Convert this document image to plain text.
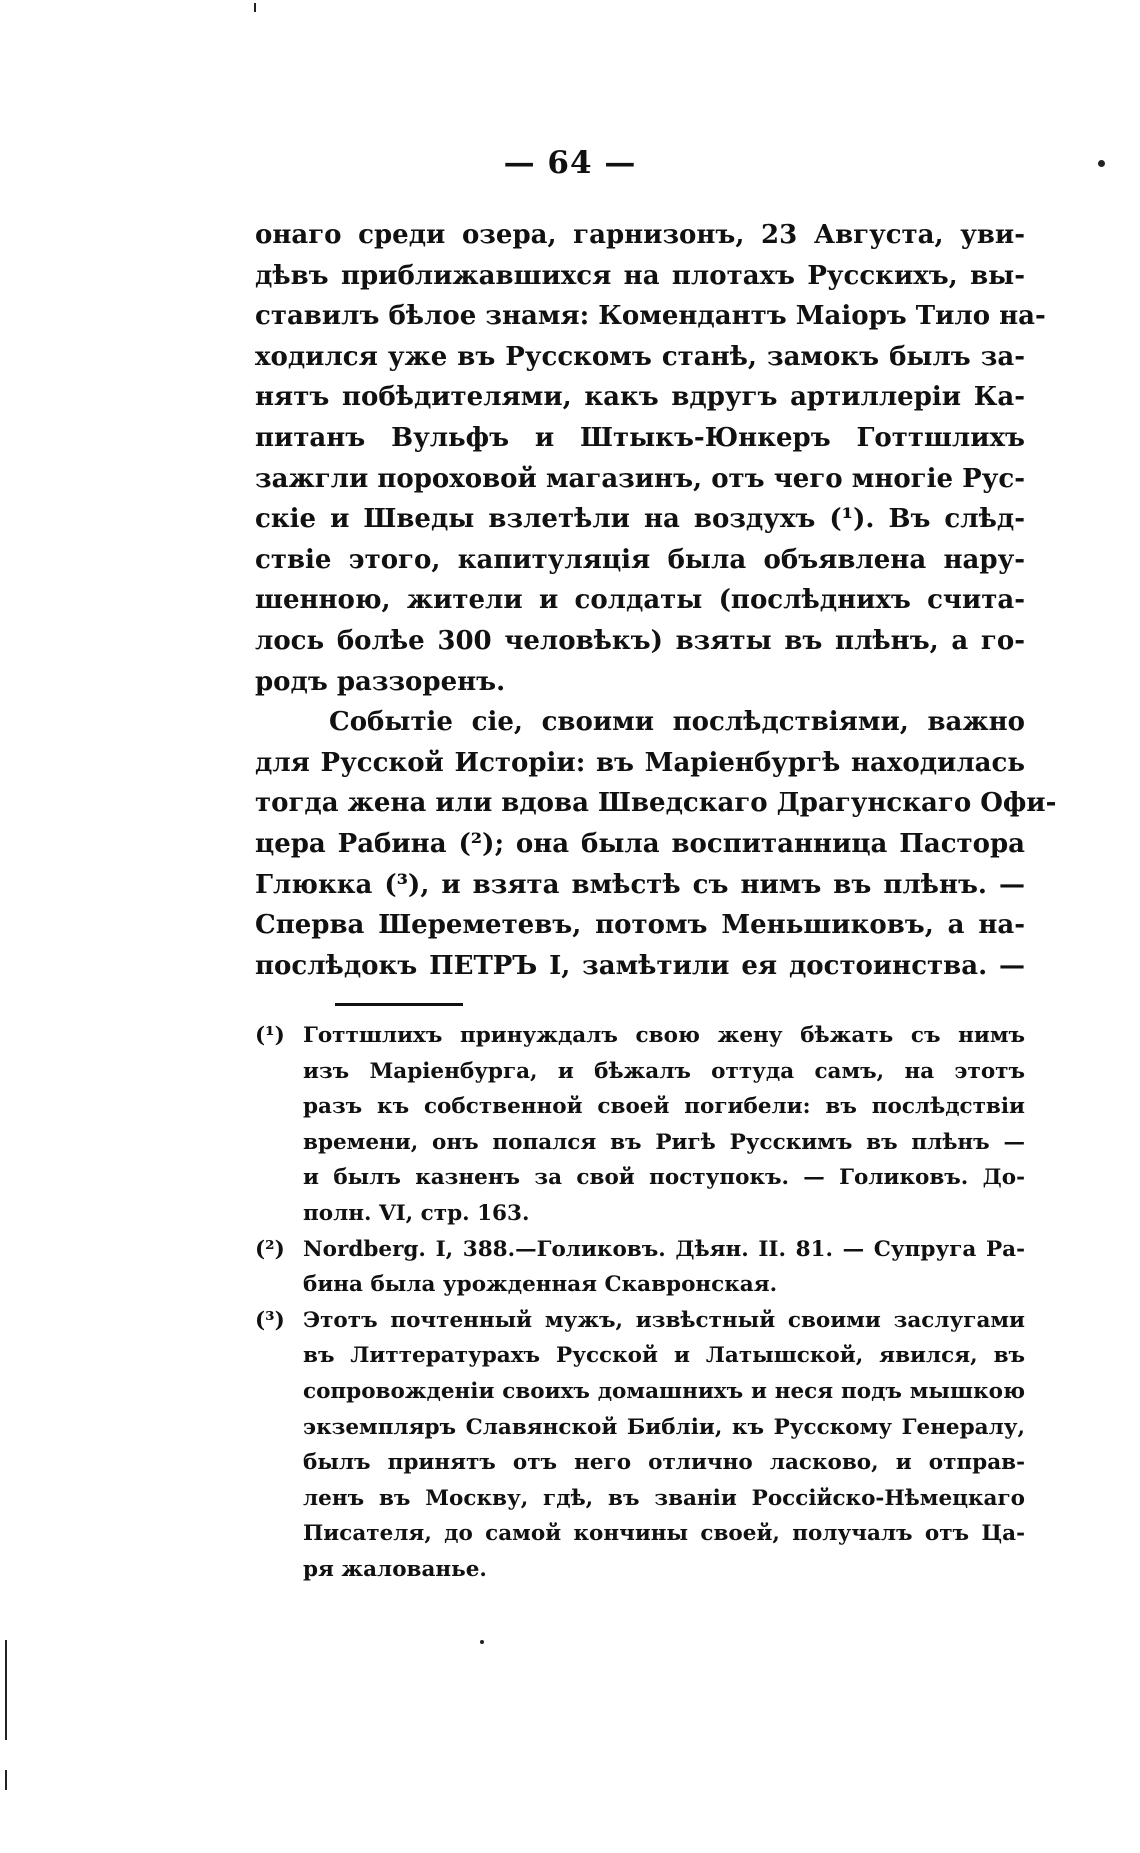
— 64 —
онаго среди озера, гарнизонъ, 23 Августа, уви-
дѣвъ приближавшихся на плотахъ Русскихъ, вы-
ставилъ бѣлое знамя: Комендантъ Маіоръ Тило на-
ходился уже въ Русскомъ станѣ, замокъ былъ за-
нятъ побѣдителями, какъ вдругъ артиллеріи Ка-
питанъ Вульфъ и Штыкъ-Юнкеръ Готтшлихъ
зажгли пороховой магазинъ, отъ чего многіе Рус-
скіе и Шведы взлетѣли на воздухъ (¹). Въ слѣд-
ствіе этого, капитуляція была объявлена нару-
шенною, жители и солдаты (послѣднихъ счита-
лось болѣе 300 человѣкъ) взяты въ плѣнъ, а го-
родъ раззоренъ.
Событіе сіе, своими послѣдствіями, важно
для Русской Исторіи: въ Маріенбургѣ находилась
тогда жена или вдова Шведскаго Драгунскаго Офи-
цера Рабина (²); она была воспитанница Пастора
Глюкка (³), и взята вмѣстѣ съ нимъ въ плѣнъ. —
Сперва Шереметевъ, потомъ Меньшиковъ, а на-
послѣдокъ ПЕТРЪ I, замѣтили ея достоинства. —
(¹) Готтшлихъ принуждалъ свою жену бѣжать съ нимъ
изъ Маріенбурга, и бѣжалъ оттуда самъ, на этотъ
разъ къ собственной своей погибели: въ послѣдствіи
времени, онъ попался въ Ригѣ Русскимъ въ плѣнъ —
и былъ казненъ за свой поступокъ. — Голиковъ. До-
полн. VI, стр. 163.
(²) Nordberg. I, 388.—Голиковъ. Дѣян. II. 81. — Супруга Ра-
бина была урожденная Скавронская.
(³) Этотъ почтенный мужъ, извѣстный своими заслугами
въ Литтературахъ Русской и Латышской, явился, въ
сопровожденіи своихъ домашнихъ и неся подъ мышкою
экземпляръ Славянской Библіи, къ Русскому Генералу,
былъ принятъ отъ него отлично ласково, и отправ-
ленъ въ Москву, гдѣ, въ званіи Россійско-Нѣмецкаго
Писателя, до самой кончины своей, получалъ отъ Ца-
ря жалованье.
